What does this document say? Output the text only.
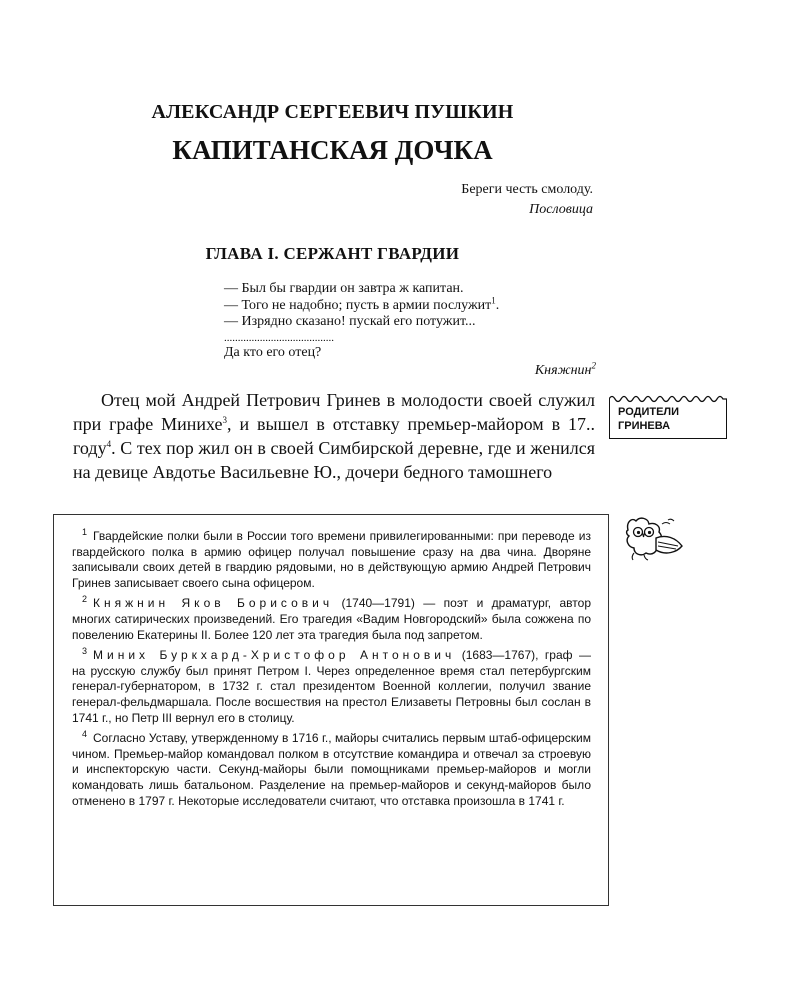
АЛЕКСАНДР СЕРГЕЕВИЧ ПУШКИН
КАПИТАНСКАЯ ДОЧКА
Береги честь смолоду.
Пословица
ГЛАВА I. СЕРЖАНТ ГВАРДИИ
— Был бы гвардии он завтра ж капитан.
— Того не надобно; пусть в армии послужит$^1$.
— Изрядно сказано! пускай его потужит...
........................................
Да кто его отец?
Княжнин$^2$

Отец мой Андрей Петрович Гринев в молодости своей служил при графе Минихе$^3$, и вышел в отставку премьер-майором в 17.. году$^4$. С тех пор жил он в своей Симбирской деревне, где и женился на девице Авдотье Васильевне Ю., дочери бедного тамошнего

РОДИТЕЛИ
ГРИНЕВА
$^1$ Гвардейские полки были в России того времени привилегированными: при переводе из гвардейского полка в армию офицер получал повышение сразу на два чина. Дворяне записывали своих детей в гвардию рядовыми, но в действующую армию Андрей Петрович Гринев записывает своего сына офицером.
$^2$ Княжнин Яков Борисович (1740—1791) — поэт и драматург, автор многих сатирических произведений. Его трагедия «Вадим Новгородский» была сожжена по повелению Екатерины II. Более 120 лет эта трагедия была под запретом.
$^3$ Миних Буркхард-Христофор Антонович (1683—1767), граф — на русскую службу был принят Петром I. Через определенное время стал петербургским генерал-губернатором, в 1732 г. стал президентом Военной коллегии, получил звание генерал-фельдмаршала. После восшествия на престол Елизаветы Петровны был сослан в 1741 г., но Петр III вернул его в столицу.
$^4$ Согласно Уставу, утвержденному в 1716 г., майоры считались первым штаб-офицерским чином. Премьер-майор командовал полком в отсутствие командира и отвечал за строевую и инспекторскую части. Секунд-майоры были помощниками премьер-майоров и могли командовать лишь батальоном. Разделение на премьер-майоров и секунд-майоров было отменено в 1797 г. Некоторые исследователи считают, что отставка произошла в 1741 г.
